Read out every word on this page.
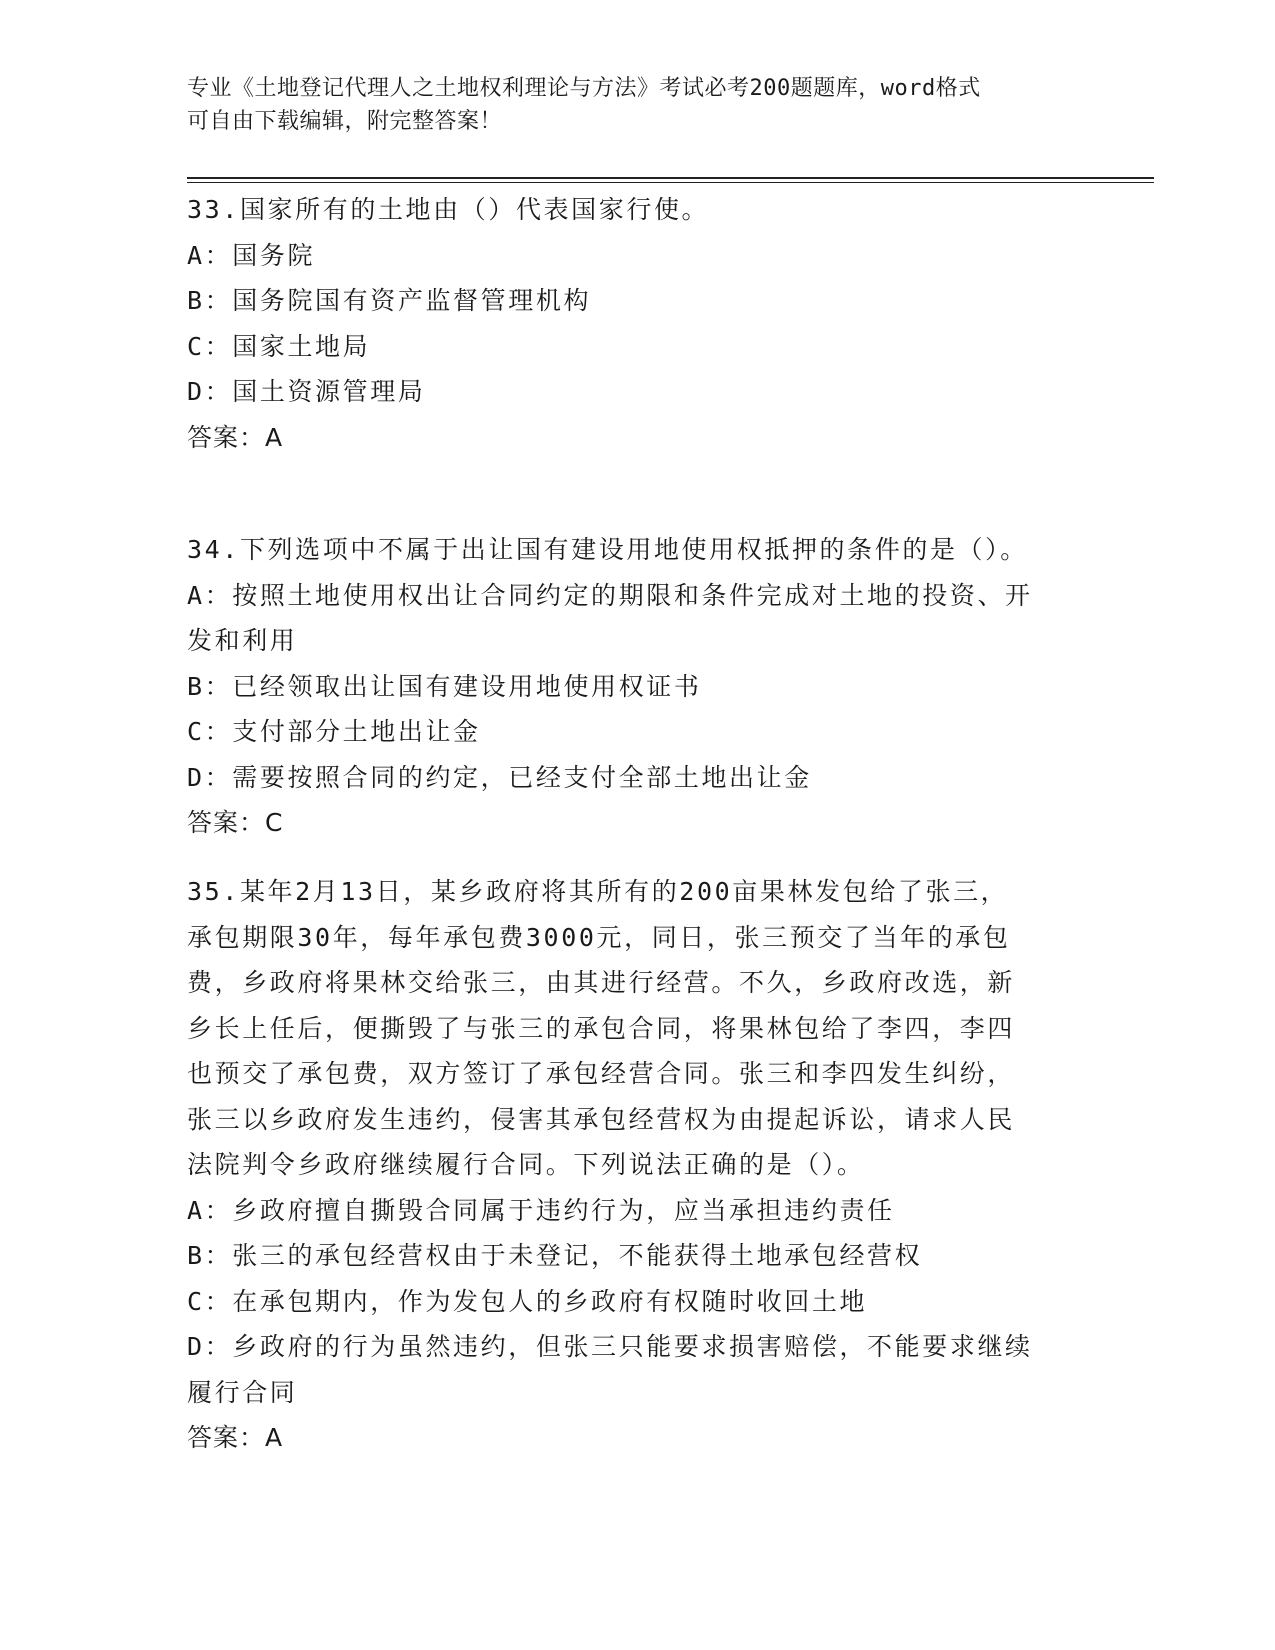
专业《土地登记代理人之土地权利理论与方法》考试必考200题题库，word格式
可自由下载编辑，附完整答案！
33.国家所有的土地由（）代表国家行使。
A：国务院
B：国务院国有资产监督管理机构
C：国家土地局
D：国土资源管理局
答案：A
34.下列选项中不属于出让国有建设用地使用权抵押的条件的是（）。
A：按照土地使用权出让合同约定的期限和条件完成对土地的投资、开
发和利用
B：已经领取出让国有建设用地使用权证书
C：支付部分土地出让金
D：需要按照合同的约定，已经支付全部土地出让金
答案：C
35.某年2月13日，某乡政府将其所有的200亩果林发包给了张三，
承包期限30年，每年承包费3000元，同日，张三预交了当年的承包
费，乡政府将果林交给张三，由其进行经营。不久，乡政府改选，新
乡长上任后，便撕毁了与张三的承包合同，将果林包给了李四，李四
也预交了承包费，双方签订了承包经营合同。张三和李四发生纠纷，
张三以乡政府发生违约，侵害其承包经营权为由提起诉讼，请求人民
法院判令乡政府继续履行合同。下列说法正确的是（）。
A：乡政府擅自撕毁合同属于违约行为，应当承担违约责任
B：张三的承包经营权由于未登记，不能获得土地承包经营权
C：在承包期内，作为发包人的乡政府有权随时收回土地
D：乡政府的行为虽然违约，但张三只能要求损害赔偿，不能要求继续
履行合同
答案：A
